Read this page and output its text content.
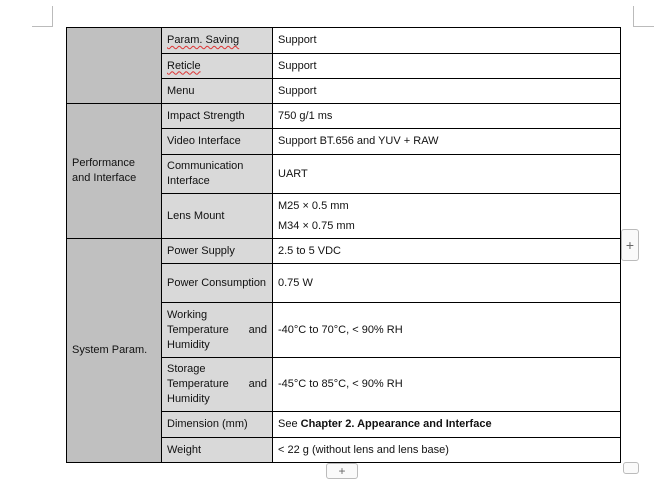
	Param. Saving	Support
	Reticle	Support
	Menu	Support
Performance and Interface	Impact Strength	750 g/1 ms
	Video Interface	Support BT.656 and YUV + RAW
	Communication Interface	UART
	Lens Mount	M25 × 0.5 mm
M34 × 0.75 mm

System Param.	Power Supply	2.5 to 5 VDC
	Power Consumption	0.75 W

	Working
Temperature and
Humidity	-40°C to 70°C, < 90% RH

	Storage
Temperature and
Humidity	-45°C to 85°C, < 90% RH
	Dimension (mm)	See Chapter 2. Appearance and Interface
	Weight	< 22 g (without lens and lens base)
+
+
